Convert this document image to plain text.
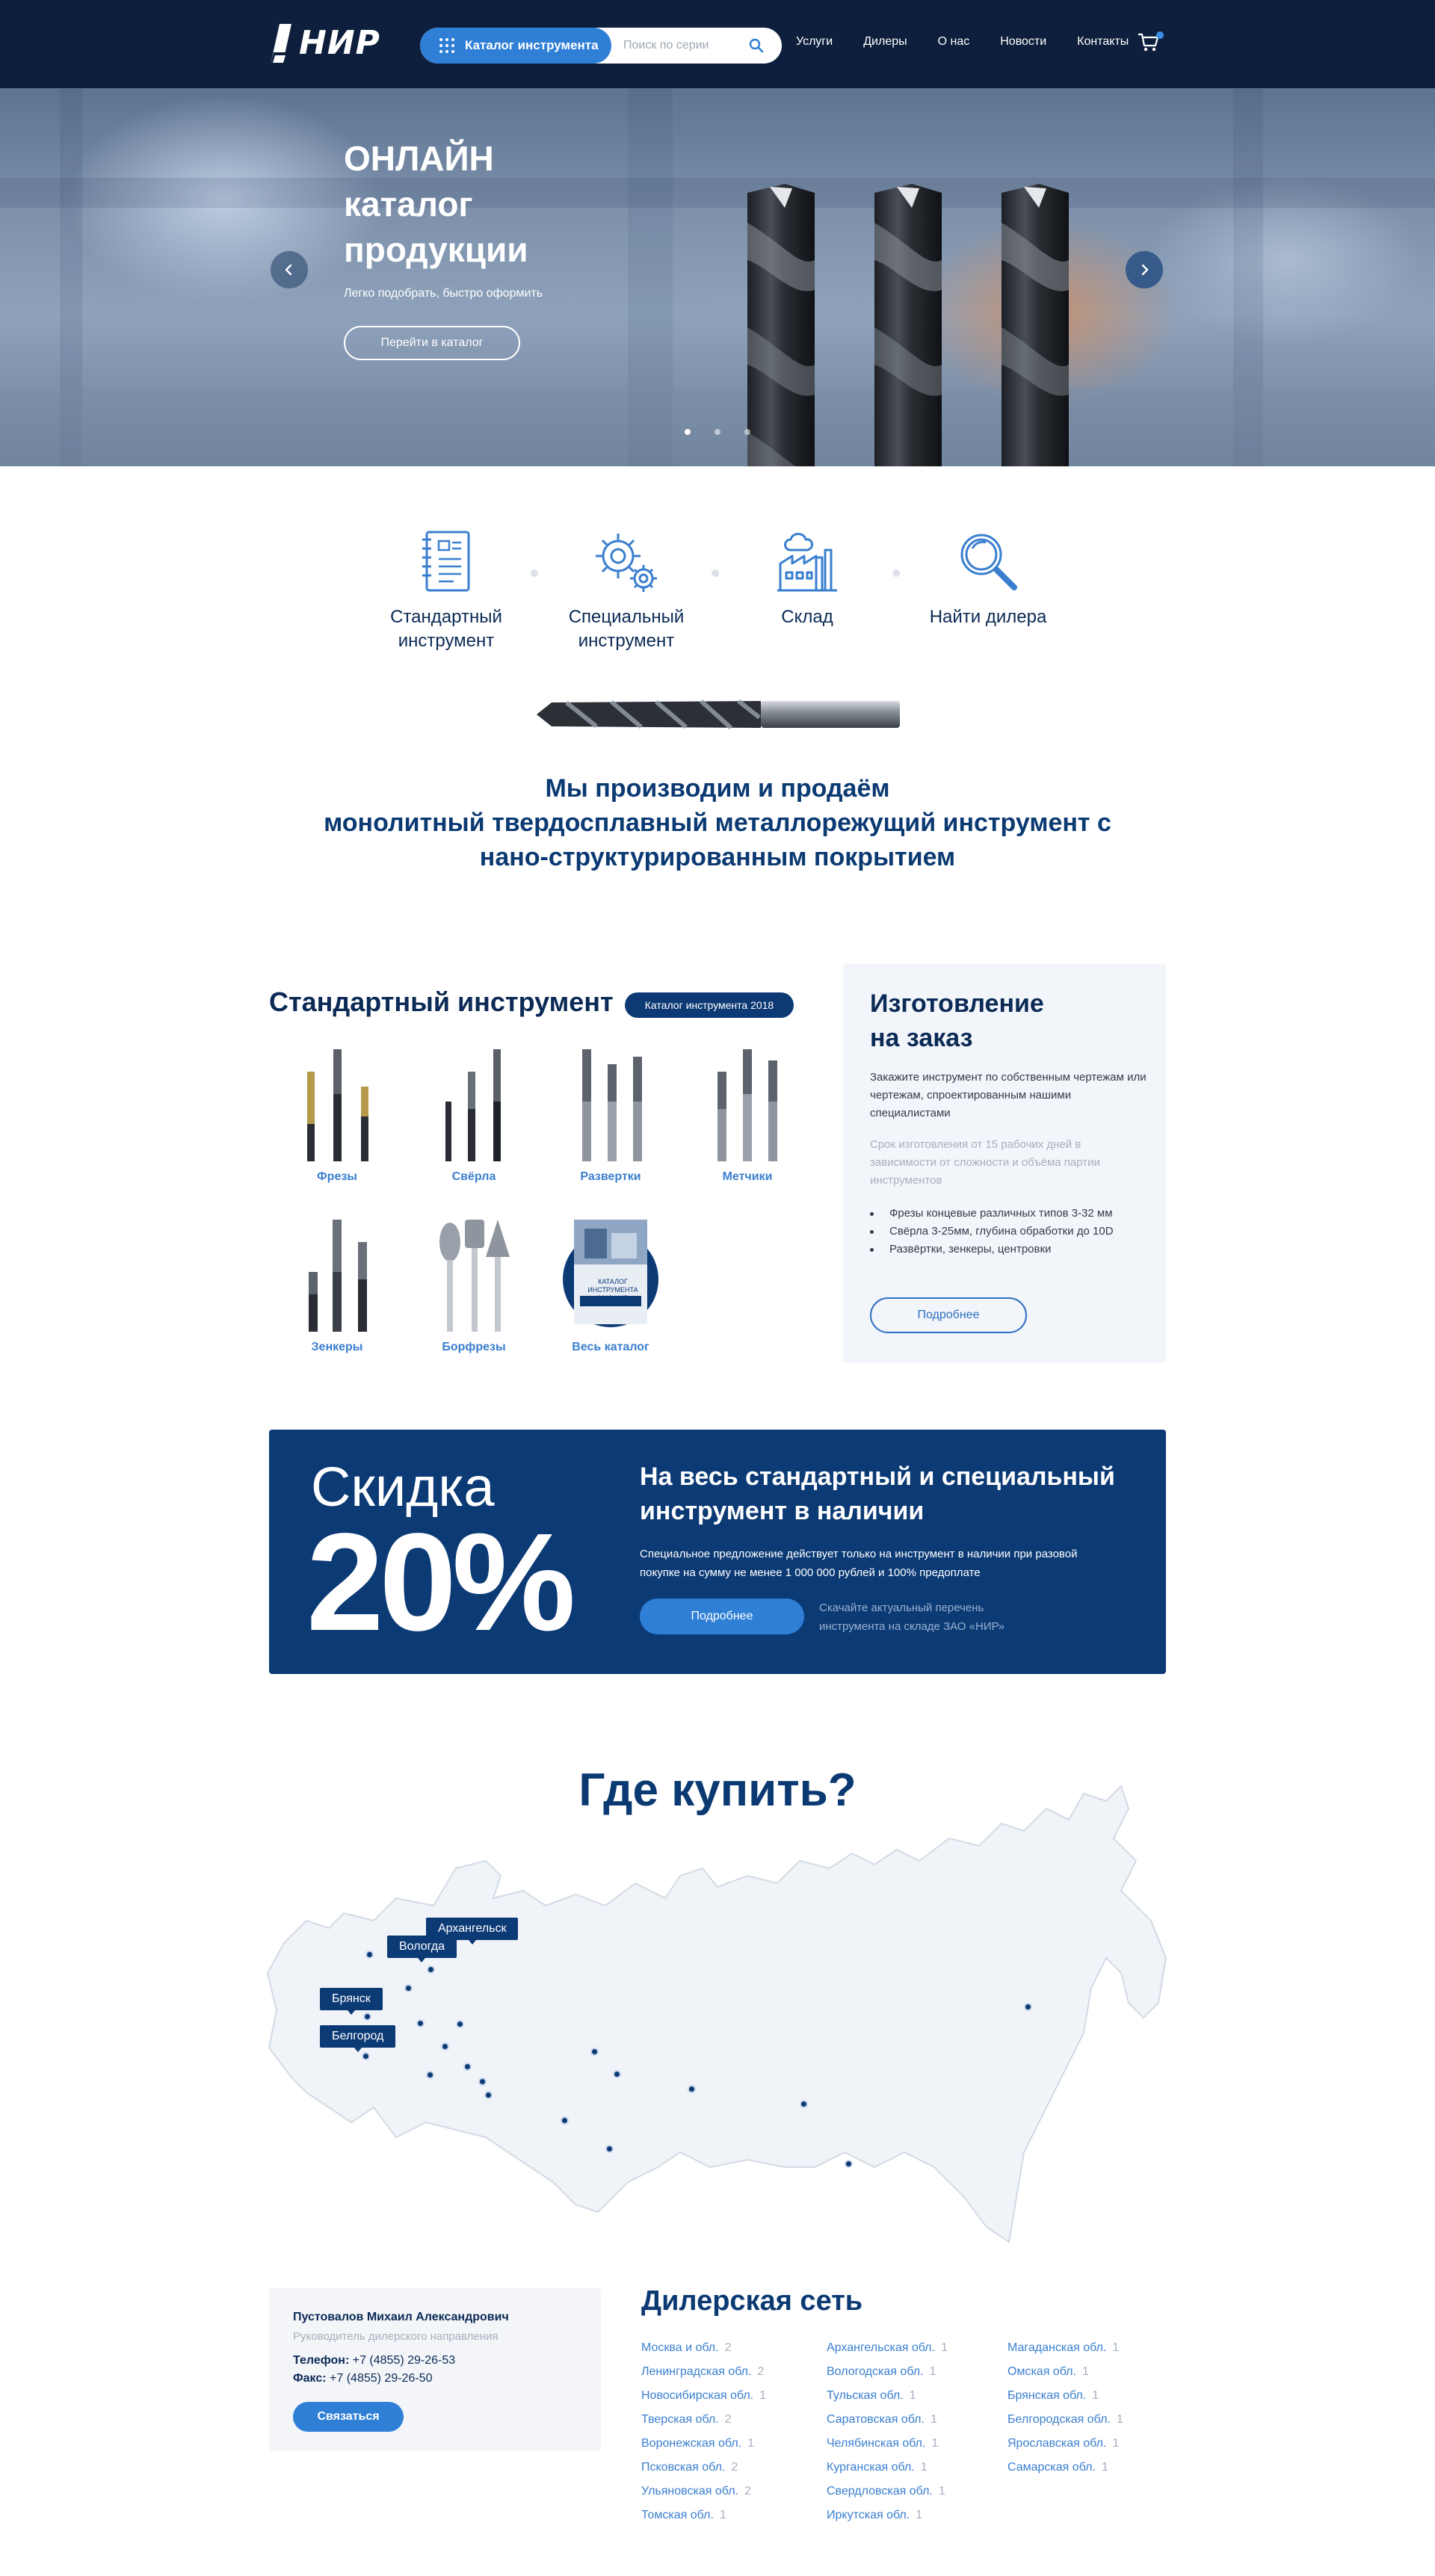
НИР	Каталог инструмента
Поиск по серии	Услуги	Дилеры	О нас	Новости	Контакты
ОНЛАЙН
каталог
продукции
Легко подобрать, быстро оформить
Перейти в каталог
Стандартный инструмент
Специальный инструмент
Склад	Найти дилера
Мы производим и продаём
монолитный твердосплавный металлорежущий инструмент с
нано-структурированным покрытием
Стандартный инструмент	Каталог инструмента 2018
Фрезы	Свёрла	Развертки	Метчики
Зенкеры	Борфрезы
КАТАЛОГ ИНСТРУМЕНТА 2018 НИР
Весь каталог
Изготовление
на заказ
Закажите инструмент по собственным чертежам или чертежам, спроектированным нашими специалистами
Срок изготовления от 15 рабочих дней в зависимости от сложности и объёма партии инструментов
Фрезы концевые различных типов 3-32 мм
Свёрла 3-25мм, глубина обработки до 10D
Развёртки, зенкеры, центровки
Подробнее
Скидка
20%
На весь стандартный и специальный инструмент в наличии
Специальное предложение действует только на инструмент в наличии при разовой покупке на сумму не менее 1 000 000 рублей и 100% предоплате
Подробнее
Скачайте актуальный перечень инструмента на складе ЗАО «НИР»
Где купить?
Архангельск
Вологда
Брянск
Белгород
Пустовалов Михаил Александрович
Руководитель дилерского направления
Телефон: +7 (4855) 29-26-53
Факс: +7 (4855) 29-26-50
Связаться
Дилерская сеть
Москва и обл. 2
Ленинградская обл. 2
Новосибирская обл. 1
Тверская обл. 2
Воронежская обл. 1
Псковская обл. 2
Ульяновская обл. 2
Томская обл. 1
Архангельская обл. 1
Вологодская обл. 1
Тульская обл. 1
Саратовская обл. 1
Челябинская обл. 1
Курганская обл. 1
Свердловская обл. 1
Иркутская обл. 1
Магаданская обл. 1
Омская обл. 1
Брянская обл. 1
Белгородская обл. 1
Ярославская обл. 1
Самарская обл. 1
